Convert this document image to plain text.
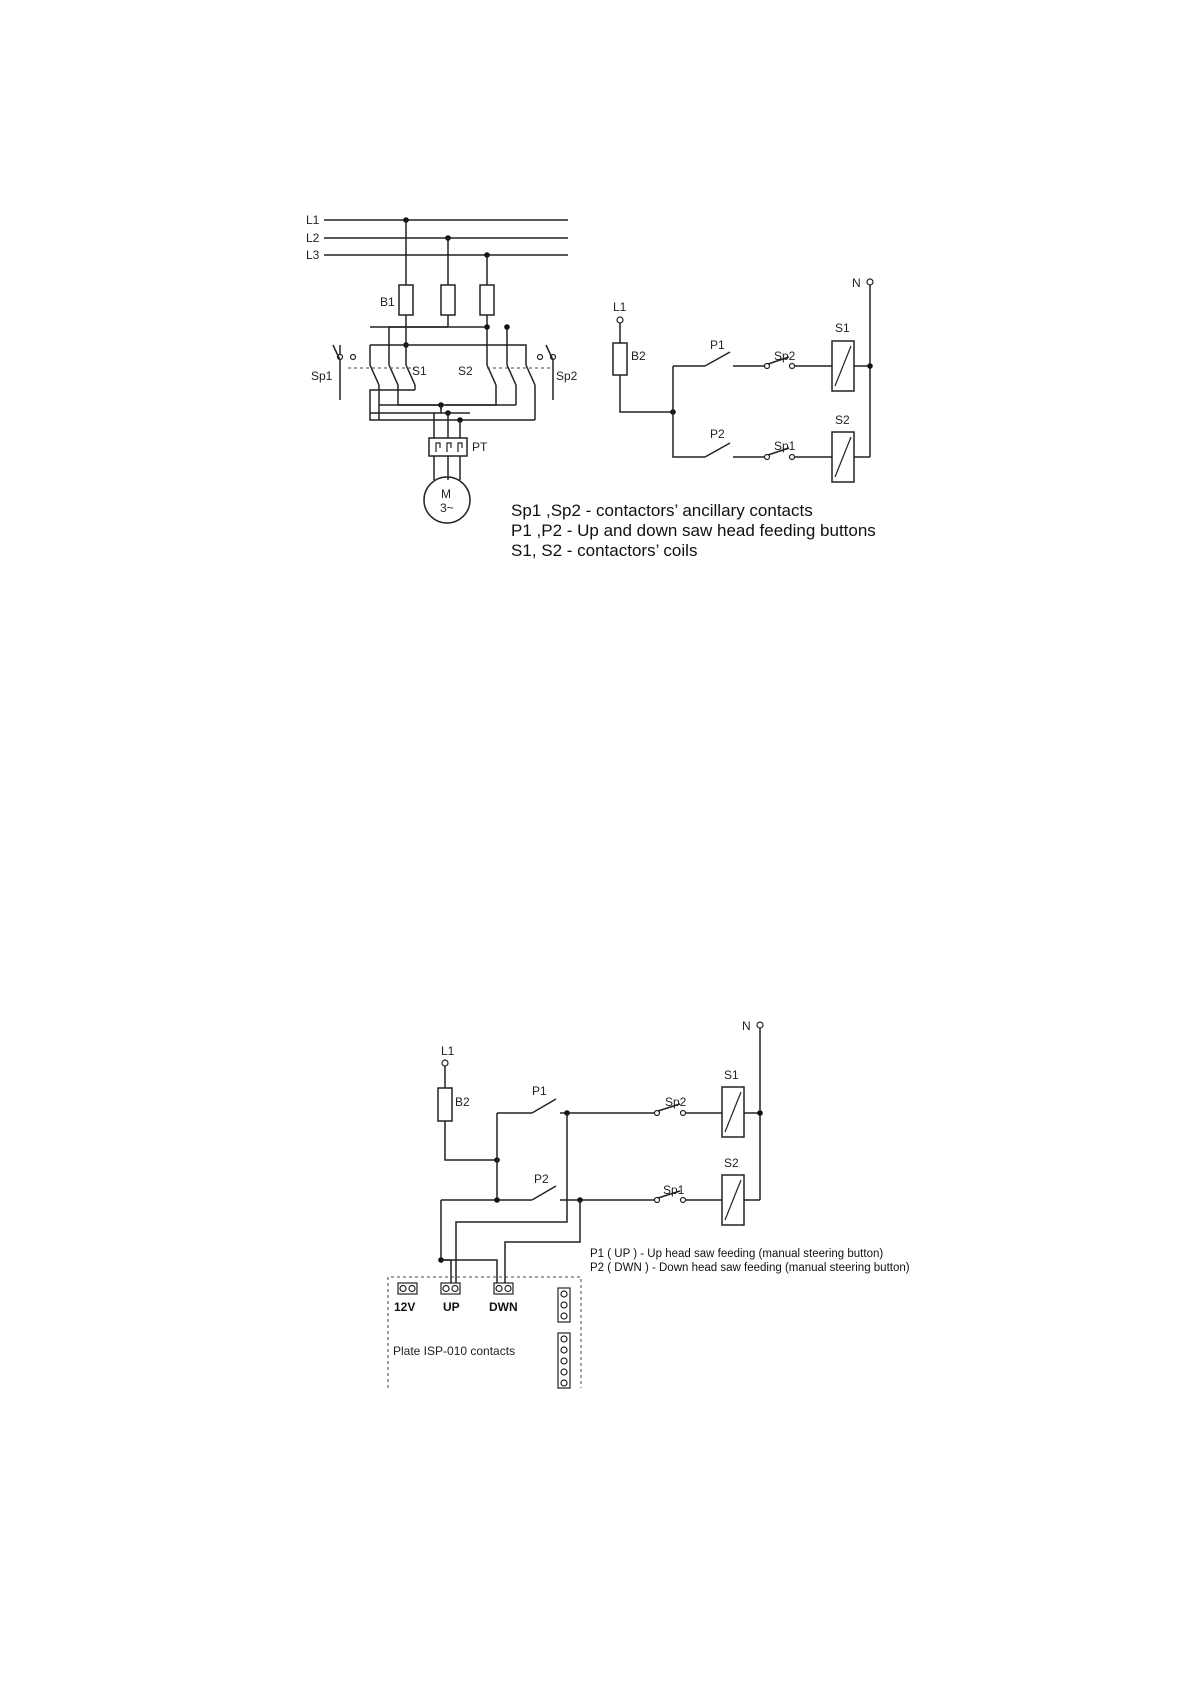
L1
L2
L3
B1
S1	S2
Sp1	Sp2
PT
M
3~
N
L1
B2
P1
Sp2
S1
P2
Sp1
S2
Sp1 ,Sp2 - contactors’ ancillary contacts
P1 ,P2 - Up and down saw head feeding buttons
S1, S2 - contactors’ coils
N
L1
B2
P1
Sp2
S1
P2
Sp1
S2
P1 ( UP ) - Up head saw feeding (manual steering button)
P2 ( DWN ) - Down head saw feeding (manual steering button)
12V UP DWN
Plate ISP-010 contacts
